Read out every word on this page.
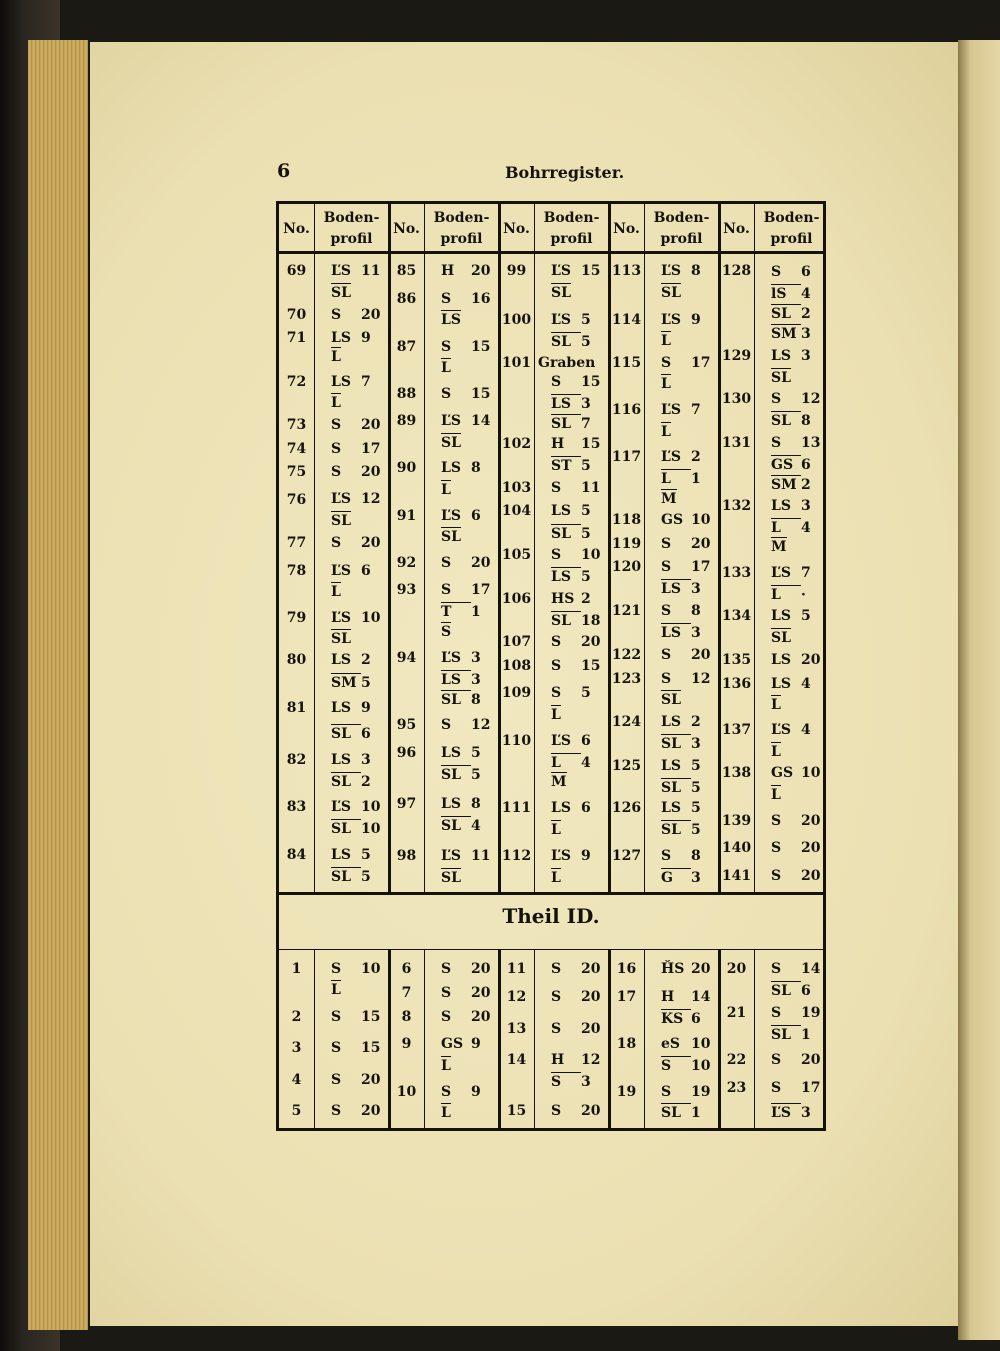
6	Bohrregister.
Theil ID.
No.
Boden-
profil
No.
Boden-
profil
No.
Boden-
profil
No.
Boden-
profil
No.
Boden-
profil
69
70
71
72
73
74
75
76
77
78
79
80
81
82
83
84
85
86
87
88
89
90
91
92
93
94
95
96
97
98
99
100
101
102
103
104
105
106
107
108
109
110
111
112
113
114
115
116
117
118
119
120
121
122
123
124
125
126
127
128
129
130
131
132
133
134
135
136
137
138
139
140
141
ĽS 11
SL
S 20
LS 9
L
LS 7
L
S 20
S 17
S 20
ĽS 12
SL
S 20
ĽS 6
L
ĽS 10
SL
LS 2
SM 5
LS 9
SL 6
LS 3
SL 2
ĽS 10
SL 10
LS 5
SL 5
H 20
S 16
LS
S 15
L
S 15
ĽS 14
SL
LS 8
L
ĽS 6
SL
S 20
S 17
T 1
S
ĽS 3
LS 3
SL 8
S 12
LS 5
SL 5
LS 8
SL 4
ĽS 11
SL
ĽS 15
SL
ĽS 5
SL 5
Graben
S 15
LS 3
SL 7
H 15
ST 5
S 11
LS 5
SL 5
S 10
LS 5
HS 2
SL 18
S 20
S 15
S 5
L
ĽS 6
L 4
M
LS 6
L
ĽS 9
L
ĽS 8
SL
ĽS 9
L
S 17
L
ĽS 7
L
ĽS 2
L 1
M
GS 10
S 20
S 17
LS 3
S 8
LS 3
S 20
S 12
SL
LS 2
SL 3
LS 5
SL 5
LS 5
SL 5
S 8
G 3
S 6
lS 4
SL 2
SM 3
LS 3
SL
S 12
SL 8
S 13
GS 6
SM 2
LS 3
L 4
M
ĽS 7
L ·
LS 5
SL
LS 20
LS 4
L
ĽS 4
L
GS 10
L
S 20
S 20
S 20
1
2
3
4
5
6
7
8
9
10
11
12
13
14
15
16
17
18
19
20
21
22
23
S 10
L
S 15
S 15
S 20
S 20
S 20
S 20
S 20
GS 9
L
S 9
L
S 20
S 20
S 20
H 12
S 3
S 20
ȞS 20
H 14
KS 6
eS 10
S 10
S 19
SL 1
S 14
SL 6
S 19
SL 1
S 20
S 17
ĽS 3
